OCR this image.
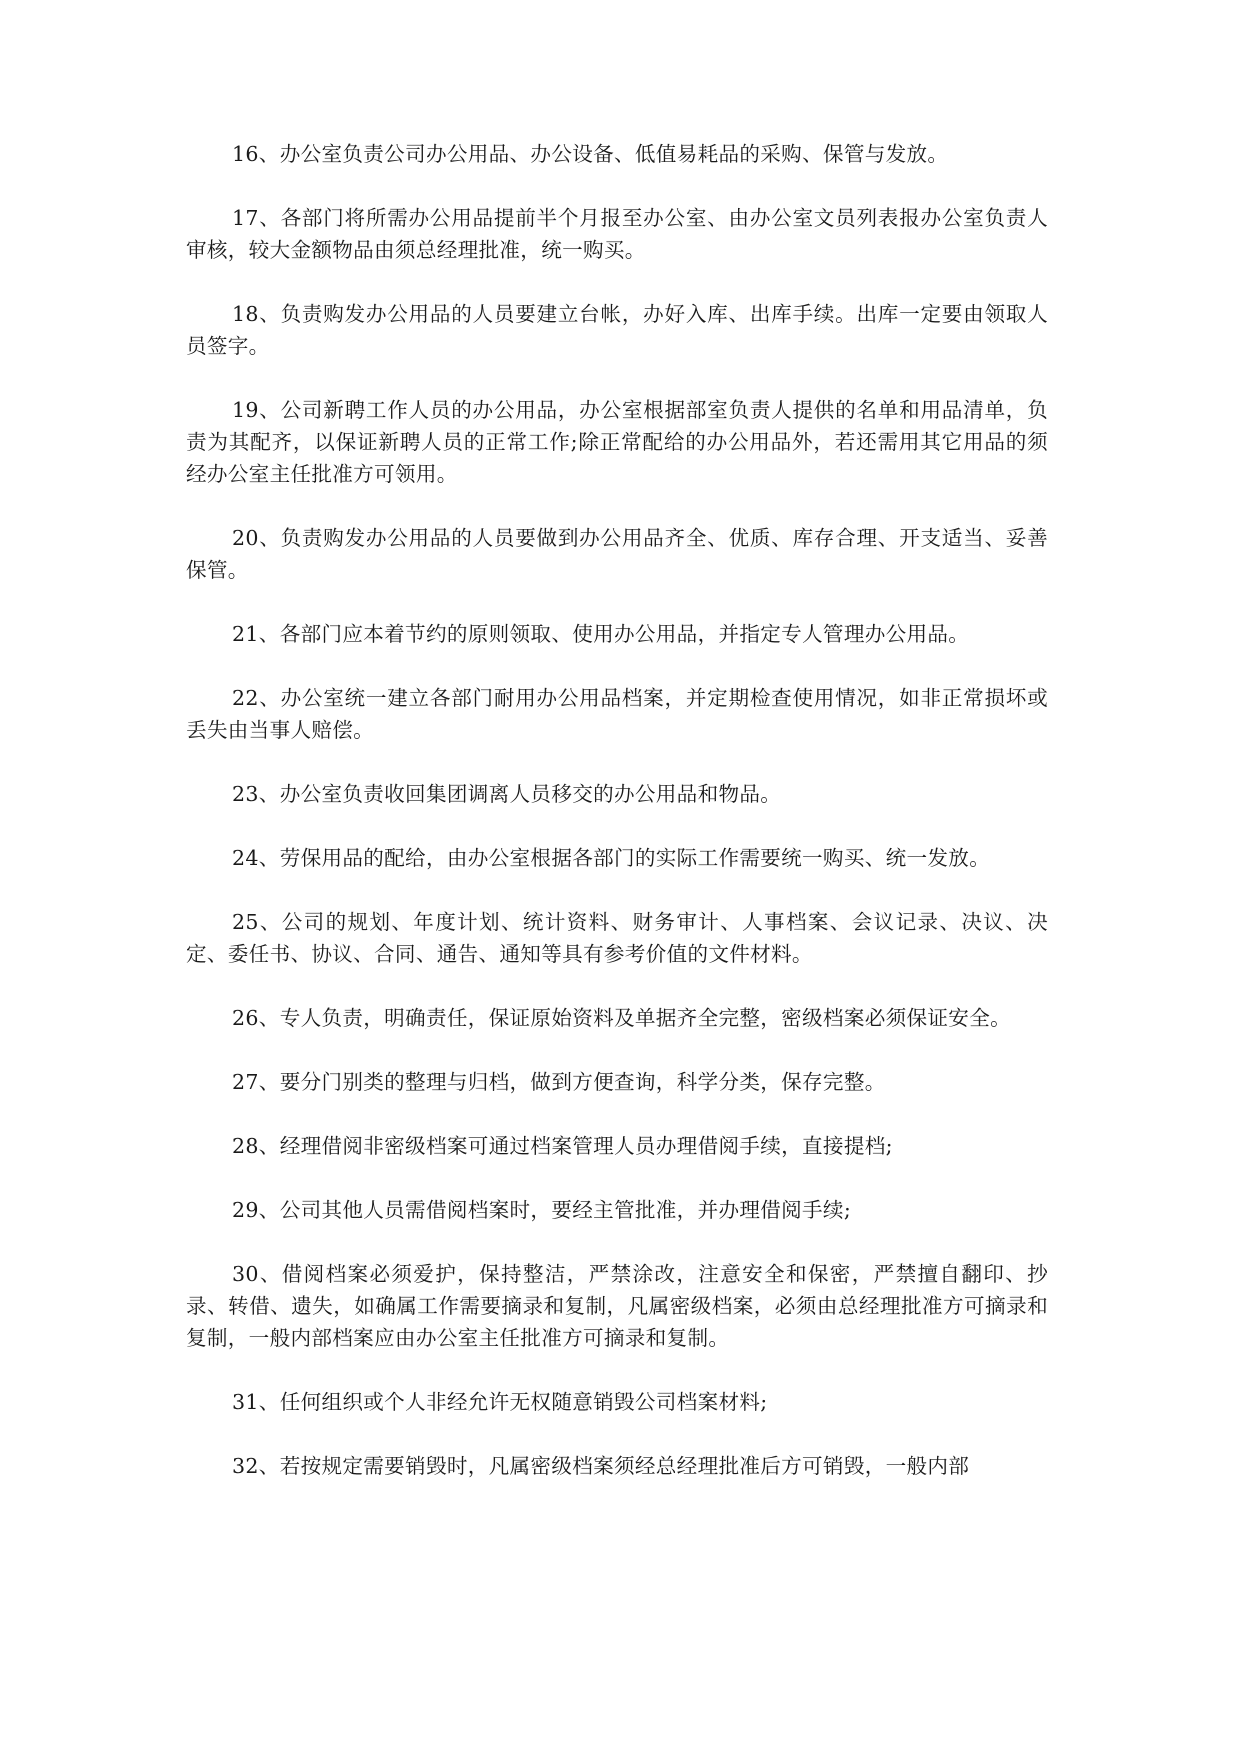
16、办公室负责公司办公用品、办公设备、低值易耗品的采购、保管与发放。

17、各部门将所需办公用品提前半个月报至办公室、由办公室文员列表报办公室负责人审核，较大金额物品由须总经理批准，统一购买。

18、负责购发办公用品的人员要建立台帐，办好入库、出库手续。出库一定要由领取人员签字。

19、公司新聘工作人员的办公用品，办公室根据部室负责人提供的名单和用品清单，负责为其配齐，以保证新聘人员的正常工作;除正常配给的办公用品外，若还需用其它用品的须经办公室主任批准方可领用。

20、负责购发办公用品的人员要做到办公用品齐全、优质、库存合理、开支适当、妥善保管。

21、各部门应本着节约的原则领取、使用办公用品，并指定专人管理办公用品。

22、办公室统一建立各部门耐用办公用品档案，并定期检查使用情况，如非正常损坏或丢失由当事人赔偿。

23、办公室负责收回集团调离人员移交的办公用品和物品。

24、劳保用品的配给，由办公室根据各部门的实际工作需要统一购买、统一发放。

25、公司的规划、年度计划、统计资料、财务审计、人事档案、会议记录、决议、决定、委任书、协议、合同、通告、通知等具有参考价值的文件材料。

26、专人负责，明确责任，保证原始资料及单据齐全完整，密级档案必须保证安全。

27、要分门别类的整理与归档，做到方便查询，科学分类，保存完整。

28、经理借阅非密级档案可通过档案管理人员办理借阅手续，直接提档;

29、公司其他人员需借阅档案时，要经主管批准，并办理借阅手续;

30、借阅档案必须爱护，保持整洁，严禁涂改，注意安全和保密，严禁擅自翻印、抄录、转借、遗失，如确属工作需要摘录和复制，凡属密级档案，必须由总经理批准方可摘录和复制，一般内部档案应由办公室主任批准方可摘录和复制。

31、任何组织或个人非经允许无权随意销毁公司档案材料;

32、若按规定需要销毁时，凡属密级档案须经总经理批准后方可销毁，一般内部
